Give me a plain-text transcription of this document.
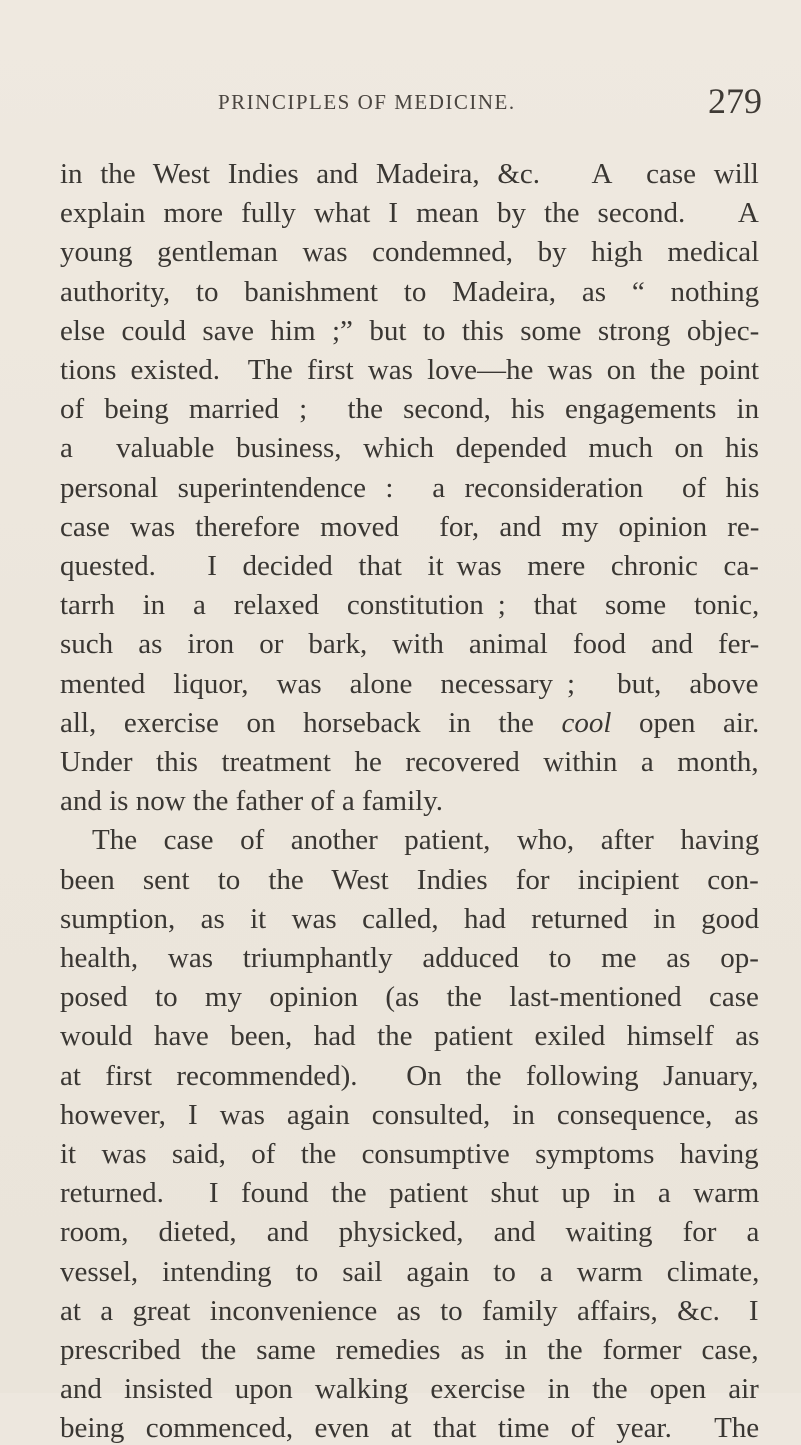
PRINCIPLES OF MEDICINE.	279
in the West Indies and Madeira, &c.   A  case will
explain more fully what I mean by the second.   A
young gentleman was condemned, by high medical
authority, to banishment to Madeira, as “ nothing
else could save him ;” but to this some strong objec-
tions existed.  The first was love—he was on the point
of being married ;  the second, his engagements in
a  valuable business, which depended much on his
personal superintendence :  a reconsideration  of his
case was therefore moved  for, and my opinion re-
quested.    I  decided  that  it was  mere  chronic  ca-
tarrh  in  a  relaxed  constitution ;  that  some  tonic,
such  as  iron  or  bark,  with  animal  food  and  fer-
mented  liquor,  was  alone  necessary ;   but,  above
all,  exercise  on  horseback  in  the cool open  air.
Under this treatment he recovered within a month,
and is now the father of a family.
The case of another patient, who, after having
been  sent  to  the  West  Indies  for  incipient  con-
sumption,  as  it  was  called,  had  returned  in  good
health,  was  triumphantly  adduced  to  me  as  op-
posed  to  my  opinion  (as  the  last-mentioned  case
would  have  been,  had  the  patient  exiled  himself  as
at  first  recommended).    On  the  following  January,
however,  I  was  again  consulted,  in  consequence,  as
it  was  said,  of  the  consumptive  symptoms  having
returned.    I  found  the  patient  shut  up  in  a  warm
room,  dieted,  and  physicked,  and  waiting  for  a
vessel,  intending  to  sail  again  to  a  warm  climate,
at  a  great  inconvenience  as  to  family  affairs,  &c.   I
prescribed  the  same  remedies  as  in  the  former  case,
and  insisted  upon  walking  exercise  in  the  open  air
being  commenced,  even  at  that  time  of  year.    The
